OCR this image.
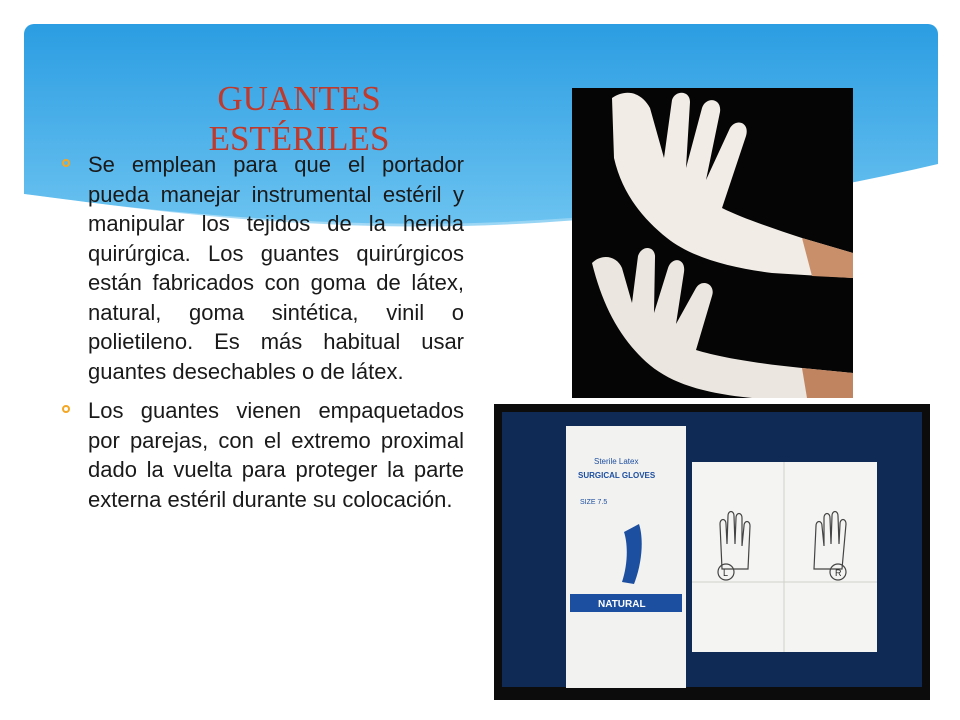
GUANTES
ESTÉRILES
Se emplean para que el portador pueda manejar instrumental estéril y manipular los tejidos de la herida quirúrgica. Los guantes quirúrgicos están fabricados con goma de látex, natural, goma sintética, vinil o polietileno. Es más habitual usar guantes desechables o de látex.
Los guantes vienen empaquetados por parejas, con el extremo proximal dado la vuelta para proteger la parte externa estéril durante su colocación.
Sterile Latex
SURGICAL GLOVES
SIZE 7.5
NATURAL
L	R
